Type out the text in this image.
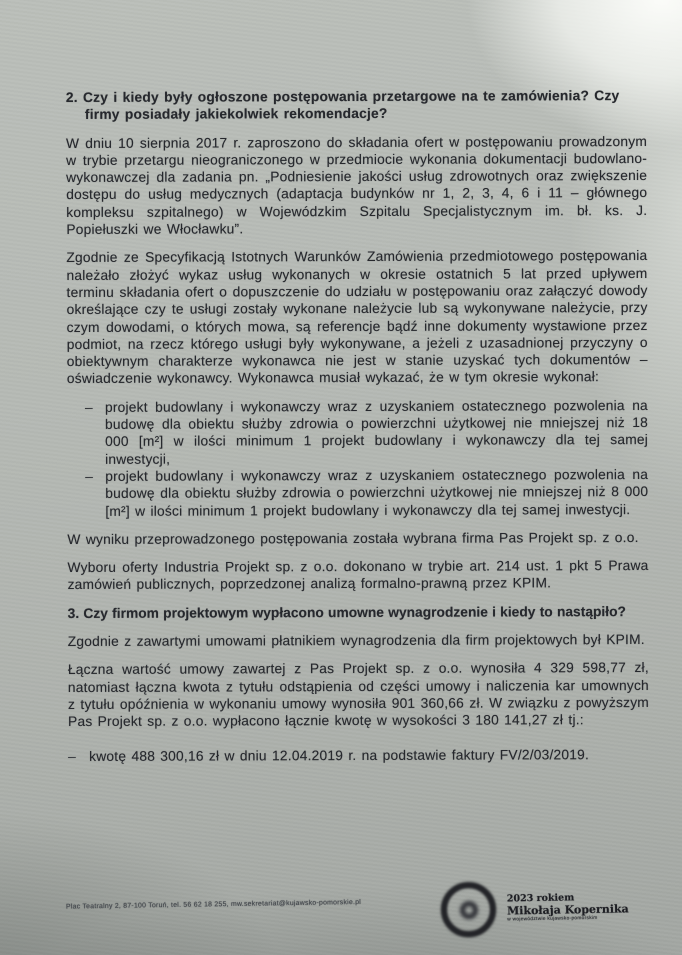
2. Czy i kiedy były ogłoszone postępowania przetargowe na te zamówienia? Czy firmy posiadały jakiekolwiek rekomendacje?

W dniu 10 sierpnia 2017 r. zaproszono do składania ofert w postępowaniu prowadzonym w trybie przetargu nieograniczonego w przedmiocie wykonania dokumentacji budowlano-wykonawczej dla zadania pn. „Podniesienie jakości usług zdrowotnych oraz zwiększenie dostępu do usług medycznych (adaptacja budynków nr 1, 2, 3, 4, 6 i 11 – głównego kompleksu szpitalnego) w Wojewódzkim Szpitalu Specjalistycznym im. bł. ks. J. Popiełuszki we Włocławku”.

Zgodnie ze Specyfikacją Istotnych Warunków Zamówienia przedmiotowego postępowania należało złożyć wykaz usług wykonanych w okresie ostatnich 5 lat przed upływem terminu składania ofert o dopuszczenie do udziału w postępowaniu oraz załączyć dowody określające czy te usługi zostały wykonane należycie lub są wykonywane należycie, przy czym dowodami, o których mowa, są referencje bądź inne dokumenty wystawione przez podmiot, na rzecz którego usługi były wykonywane, a jeżeli z uzasadnionej przyczyny o obiektywnym charakterze wykonawca nie jest w stanie uzyskać tych dokumentów – oświadczenie wykonawcy. Wykonawca musiał wykazać, że w tym okresie wykonał:

– projekt budowlany i wykonawczy wraz z uzyskaniem ostatecznego pozwolenia na budowę dla obiektu służby zdrowia o powierzchni użytkowej nie mniejszej niż 18 000 [m²] w ilości minimum 1 projekt budowlany i wykonawczy dla tej samej inwestycji,
– projekt budowlany i wykonawczy wraz z uzyskaniem ostatecznego pozwolenia na budowę dla obiektu służby zdrowia o powierzchni użytkowej nie mniejszej niż 8 000 [m²] w ilości minimum 1 projekt budowlany i wykonawczy dla tej samej inwestycji.

W wyniku przeprowadzonego postępowania została wybrana firma Pas Projekt sp. z o.o.

Wyboru oferty Industria Projekt sp. z o.o. dokonano w trybie art. 214 ust. 1 pkt 5 Prawa zamówień publicznych, poprzedzonej analizą formalno-prawną przez KPIM.

3. Czy firmom projektowym wypłacono umowne wynagrodzenie i kiedy to nastąpiło?

Zgodnie z zawartymi umowami płatnikiem wynagrodzenia dla firm projektowych był KPIM.

Łączna wartość umowy zawartej z Pas Projekt sp. z o.o. wynosiła 4 329 598,77 zł, natomiast łączna kwota z tytułu odstąpienia od części umowy i naliczenia kar umownych z tytułu opóźnienia w wykonaniu umowy wynosiła 901 360,66 zł. W związku z powyższym Pas Projekt sp. z o.o. wypłacono łącznie kwotę w wysokości 3 180 141,27 zł tj.:

– kwotę 488 300,16 zł w dniu 12.04.2019 r. na podstawie faktury FV/2/03/2019.
Plac Teatralny 2, 87-100 Toruń, tel. 56 62 18 255, mw.sekretariat@kujawsko-pomorskie.pl
2023 rokiem
Mikołaja Kopernika
w województwie kujawsko-pomorskim
